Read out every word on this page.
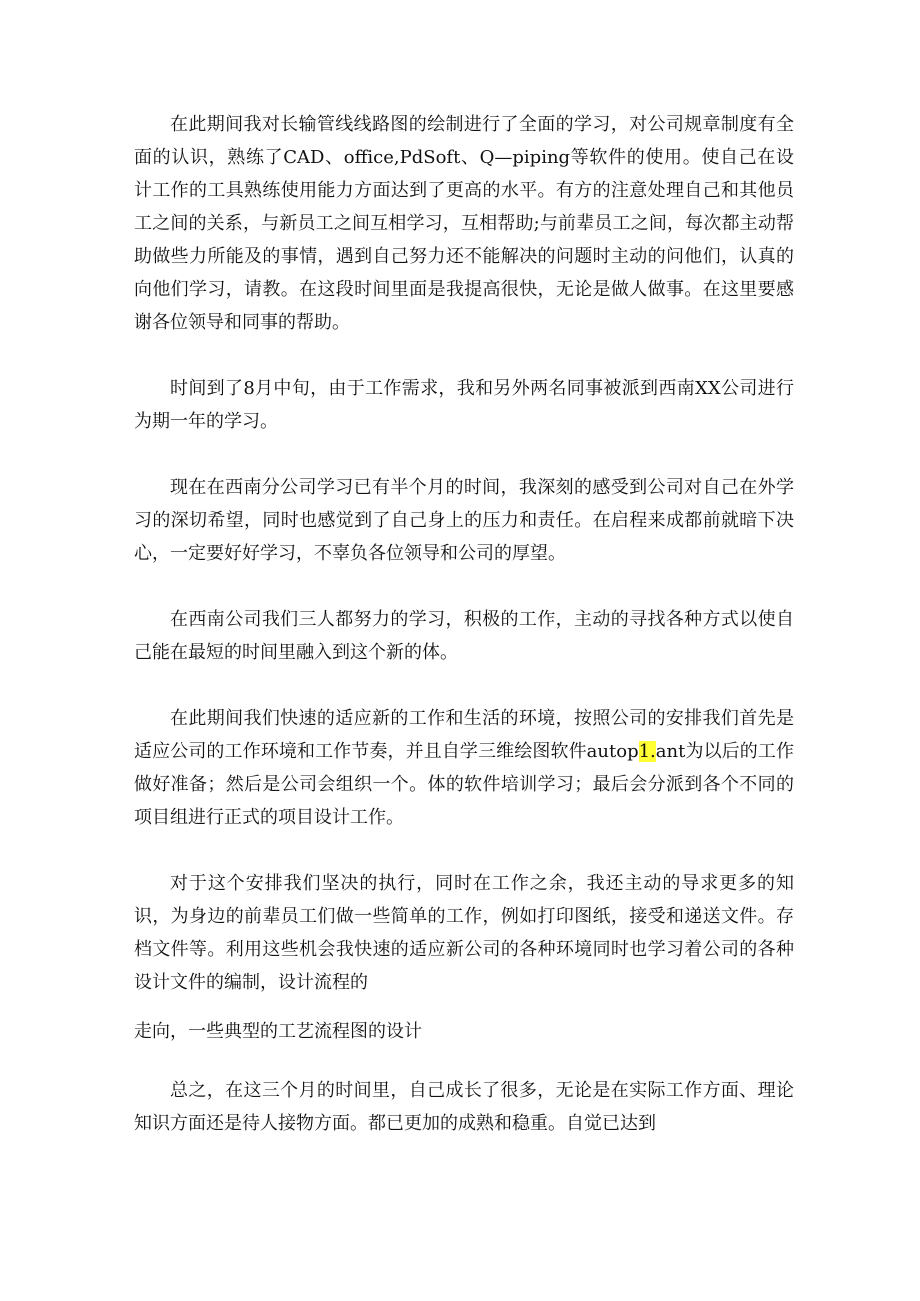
在此期间我对长输管线线路图的绘制进行了全面的学习，对公司规章制度有全面的认识，熟练了CAD、office,PdSoft、Q—piping等软件的使用。使自己在设计工作的工具熟练使用能力方面达到了更高的水平。有方的注意处理自己和其他员工之间的关系，与新员工之间互相学习，互相帮助;与前辈员工之间，每次都主动帮助做些力所能及的事情，遇到自己努力还不能解决的问题时主动的问他们，认真的向他们学习，请教。在这段时间里面是我提高很快，无论是做人做事。在这里要感谢各位领导和同事的帮助。

时间到了8月中旬，由于工作需求，我和另外两名同事被派到西南XX公司进行为期一年的学习。

现在在西南分公司学习已有半个月的时间，我深刻的感受到公司对自己在外学习的深切希望，同时也感觉到了自己身上的压力和责任。在启程来成都前就暗下决心，一定要好好学习，不辜负各位领导和公司的厚望。

在西南公司我们三人都努力的学习，积极的工作，主动的寻找各种方式以使自己能在最短的时间里融入到这个新的体。

在此期间我们快速的适应新的工作和生活的环境，按照公司的安排我们首先是适应公司的工作环境和工作节奏，并且自学三维绘图软件autop1.ant为以后的工作做好准备；然后是公司会组织一个。体的软件培训学习；最后会分派到各个不同的项目组进行正式的项目设计工作。

对于这个安排我们坚决的执行，同时在工作之余，我还主动的导求更多的知识，为身边的前辈员工们做一些简单的工作，例如打印图纸，接受和递送文件。存档文件等。利用这些机会我快速的适应新公司的各种环境同时也学习着公司的各种设计文件的编制，设计流程的

走向，一些典型的工艺流程图的设计

总之，在这三个月的时间里，自己成长了很多，无论是在实际工作方面、理论知识方面还是待人接物方面。都已更加的成熟和稳重。自觉已达到
